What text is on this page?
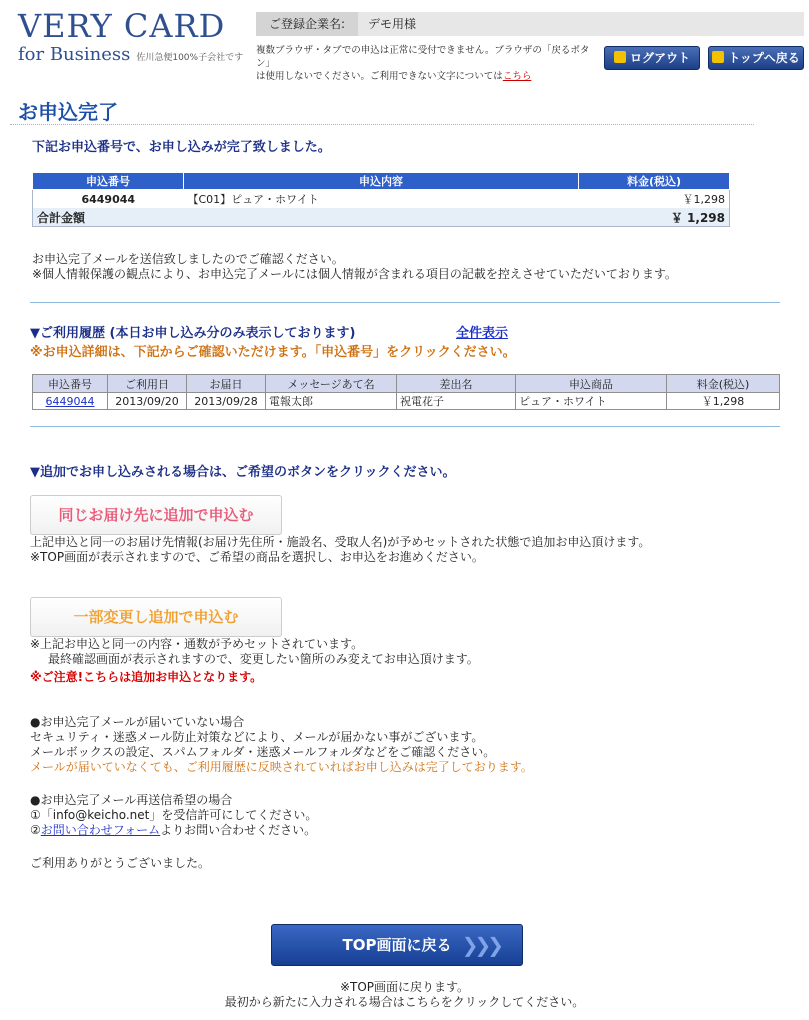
VERY CARD
for Business 佐川急便100%子会社です
ご登録企業名:	デモ用様
複数ブラウザ・タブでの申込は正常に受付できません。ブラウザの「戻るボタン」
は使用しないでください。ご利用できない文字についてはこちら
ログアウト	トップへ戻る
お申込完了
下記お申込番号で、お申し込みが完了致しました。
申込番号	申込内容	料金(税込)
6449044	【C01】ピュア・ホワイト	￥1,298
合計金額		￥ 1,298
お申込完了メールを送信致しましたのでご確認ください。
※個人情報保護の観点により、お申込完了メールには個人情報が含まれる項目の記載を控えさせていただいております。
▼ご利用履歴 (本日お申し込み分のみ表示しております)	全件表示
※お申込詳細は、下記からご確認いただけます。「申込番号」をクリックください。
申込番号	ご利用日	お届日	メッセージあて名	差出名	申込商品	料金(税込)
6449044	2013/09/20	2013/09/28	電報太郎	祝電花子	ピュア・ホワイト	￥1,298
▼追加でお申し込みされる場合は、ご希望のボタンをクリックください。
同じお届け先に追加で申込む
上記申込と同一のお届け先情報(お届け先住所・施設名、受取人名)が予めセットされた状態で追加お申込頂けます。
※TOP画面が表示されますので、ご希望の商品を選択し、お申込をお進めください。
一部変更し追加で申込む
※上記お申込と同一の内容・通数が予めセットされています。
最終確認画面が表示されますので、変更したい箇所のみ変えてお申込頂けます。
※ご注意!こちらは追加お申込となります。
●お申込完了メールが届いていない場合
セキュリティ・迷惑メール防止対策などにより、メールが届かない事がございます。
メールボックスの設定、スパムフォルダ・迷惑メールフォルダなどをご確認ください。
メールが届いていなくても、ご利用履歴に反映されていればお申し込みは完了しております。
●お申込完了メール再送信希望の場合
①「info@keicho.net」を受信許可にしてください。
②お問い合わせフォームよりお問い合わせください。
ご利用ありがとうございました。
TOP画面に戻る ❯❯❯
※TOP画面に戻ります。
最初から新たに入力される場合はこちらをクリックしてください。
